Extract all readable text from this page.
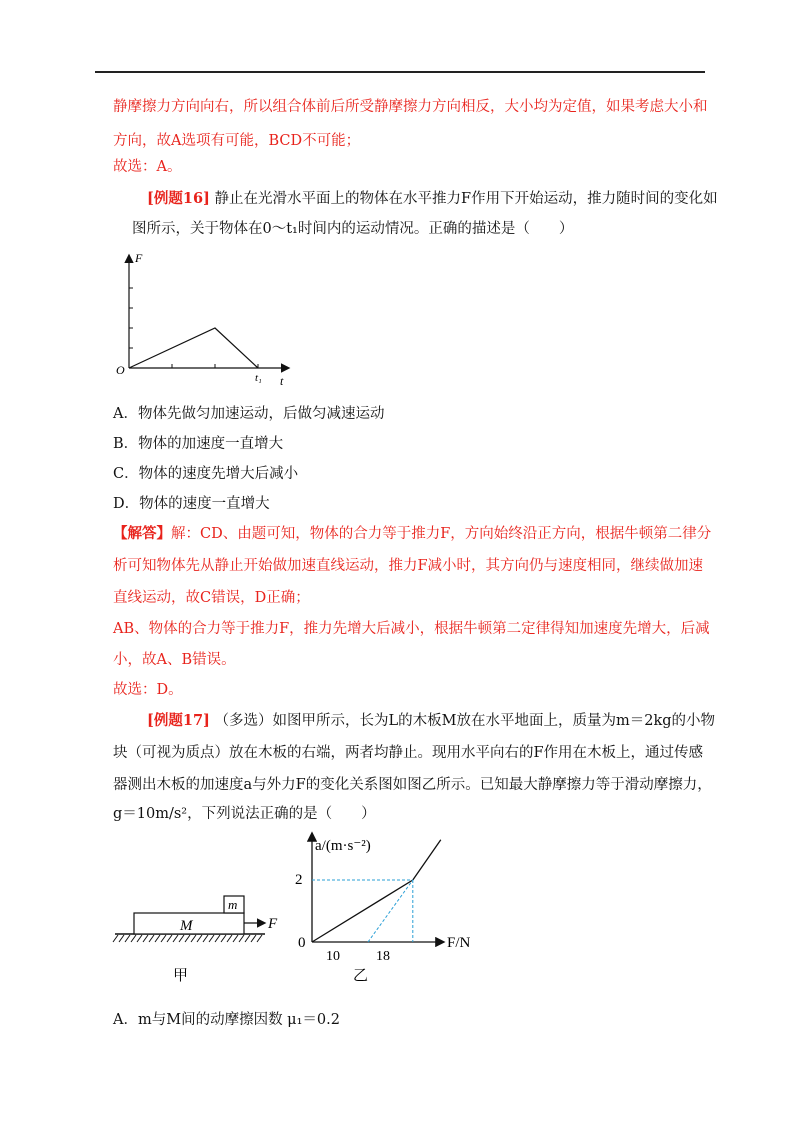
静摩擦力方向向右，所以组合体前后所受静摩擦力方向相反，大小均为定值，如果考虑大小和
方向，故A选项有可能，BCD不可能；
故选：A。
[例题16] 静止在光滑水平面上的物体在水平推力F作用下开始运动，推力随时间的变化如
图所示，关于物体在0～t₁时间内的运动情况。正确的描述是（　　）
F
t
O
t₁
A．物体先做匀加速运动，后做匀减速运动
B．物体的加速度一直增大
C．物体的速度先增大后减小
D．物体的速度一直增大
【解答】解：CD、由题可知，物体的合力等于推力F，方向始终沿正方向，根据牛顿第二律分
析可知物体先从静止开始做加速直线运动，推力F减小时，其方向仍与速度相同，继续做加速
直线运动，故C错误，D正确；
AB、物体的合力等于推力F，推力先增大后减小，根据牛顿第二定律得知加速度先增大，后减
小，故A、B错误。
故选：D。
[例题17] （多选）如图甲所示，长为L的木板M放在水平地面上，质量为m＝2kg的小物
块（可视为质点）放在木板的右端，两者均静止。现用水平向右的F作用在木板上，通过传感
器测出木板的加速度a与外力F的变化关系图如图乙所示。已知最大静摩擦力等于滑动摩擦力，
g＝10m/s²，下列说法正确的是（　　）
M
m
F
甲
a/(m·s⁻²)
2
0
10	18
F/N
乙
A．m与M间的动摩擦因数 μ₁＝0.2
